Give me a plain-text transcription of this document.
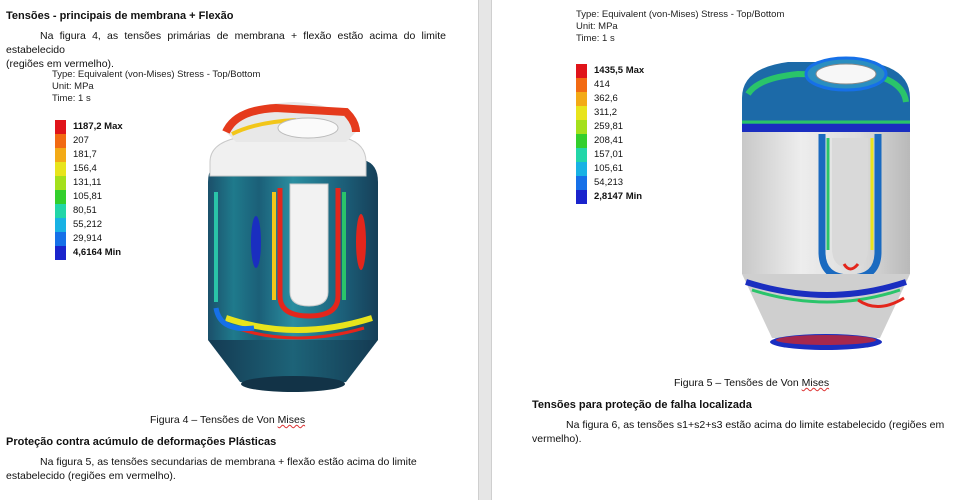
Tensões - principais de membrana + Flexão
Na figura 4, as tensões primárias de membrana + flexão estão acima do limite estabelecido
(regiões em vermelho).
Type: Equivalent (von-Mises) Stress - Top/Bottom
Unit: MPa
Time: 1 s
1187,2 Max
207
181,7
156,4
131,11
105,81
80,51
55,212
29,914
4,6164 Min
Figura 4 – Tensões de Von Mises
Proteção contra acúmulo de deformações Plásticas
Na figura 5, as tensões secundarias de membrana + flexão estão acima do limite
estabelecido (regiões em vermelho).
Type: Equivalent (von-Mises) Stress - Top/Bottom
Unit: MPa
Time: 1 s
1435,5 Max
414
362,6
311,2
259,81
208,41
157,01
105,61
54,213
2,8147 Min
Figura 5 – Tensões de Von Mises
Tensões para proteção de falha localizada
Na figura 6, as tensões s1+s2+s3 estão acima do limite estabelecido (regiões em
vermelho).
